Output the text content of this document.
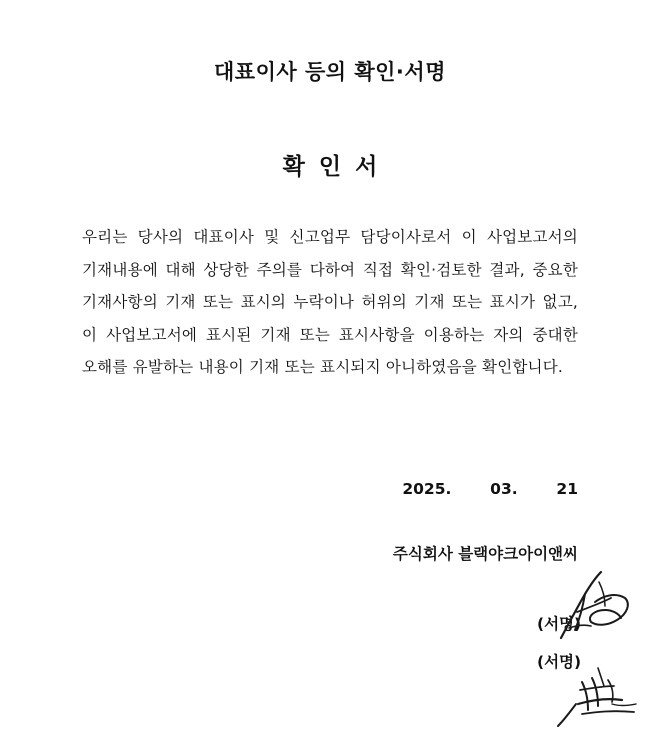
대표이사 등의 확인·서명
확인서
우리는 당사의 대표이사 및 신고업무 담당이사로서 이 사업보고서의 기재내용에 대해 상당한 주의를 다하여 직접 확인·검토한 결과, 중요한 기재사항의 기재 또는 표시의 누락이나 허위의 기재 또는 표시가 없고, 이 사업보고서에 표시된 기재 또는 표시사항을 이용하는 자의 중대한 오해를 유발하는 내용이 기재 또는 표시되지 아니하였음을 확인합니다.
2025.  03.  21
주식회사 블랙야크아이앤씨
(서명)
(서명)
